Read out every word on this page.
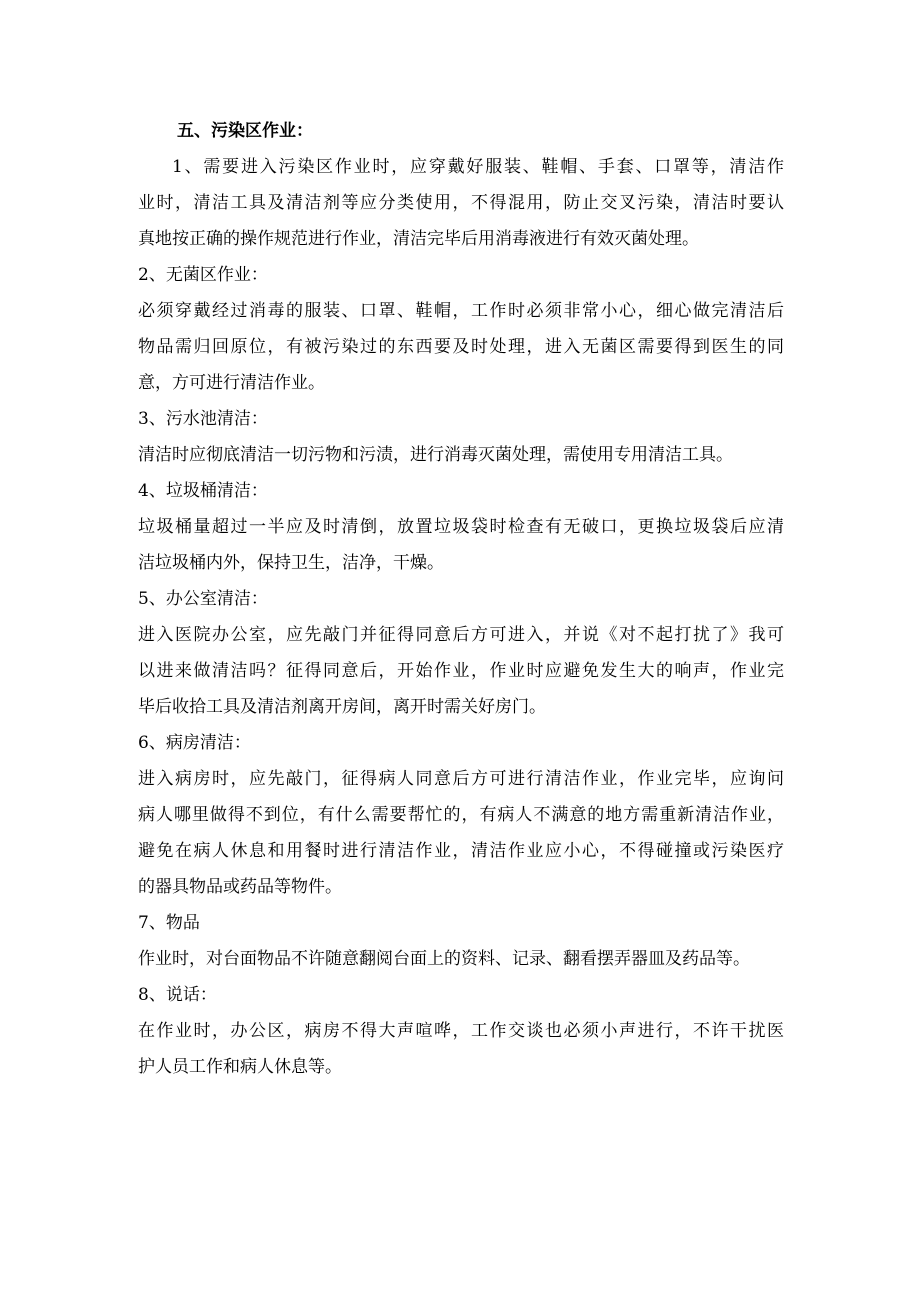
五、污染区作业：
1、需要进入污染区作业时，应穿戴好服装、鞋帽、手套、口罩等，清洁作
业时，清洁工具及清洁剂等应分类使用，不得混用，防止交叉污染，清洁时要认
真地按正确的操作规范进行作业，清洁完毕后用消毒液进行有效灭菌处理。
2、无菌区作业：
必须穿戴经过消毒的服装、口罩、鞋帽，工作时必须非常小心，细心做完清洁后
物品需归回原位，有被污染过的东西要及时处理，进入无菌区需要得到医生的同
意，方可进行清洁作业。
3、污水池清洁：
清洁时应彻底清洁一切污物和污渍，进行消毒灭菌处理，需使用专用清洁工具。
4、垃圾桶清洁：
垃圾桶量超过一半应及时清倒，放置垃圾袋时检查有无破口，更换垃圾袋后应清
洁垃圾桶内外，保持卫生，洁净，干燥。
5、办公室清洁：
进入医院办公室，应先敲门并征得同意后方可进入，并说《对不起打扰了》我可
以进来做清洁吗？征得同意后，开始作业，作业时应避免发生大的响声，作业完
毕后收拾工具及清洁剂离开房间，离开时需关好房门。
6、病房清洁：
进入病房时，应先敲门，征得病人同意后方可进行清洁作业，作业完毕，应询问
病人哪里做得不到位，有什么需要帮忙的，有病人不满意的地方需重新清洁作业，
避免在病人休息和用餐时进行清洁作业，清洁作业应小心，不得碰撞或污染医疗
的器具物品或药品等物件。
7、物品
作业时，对台面物品不许随意翻阅台面上的资料、记录、翻看摆弄器皿及药品等。
8、说话：
在作业时，办公区，病房不得大声喧哗，工作交谈也必须小声进行，不许干扰医
护人员工作和病人休息等。
